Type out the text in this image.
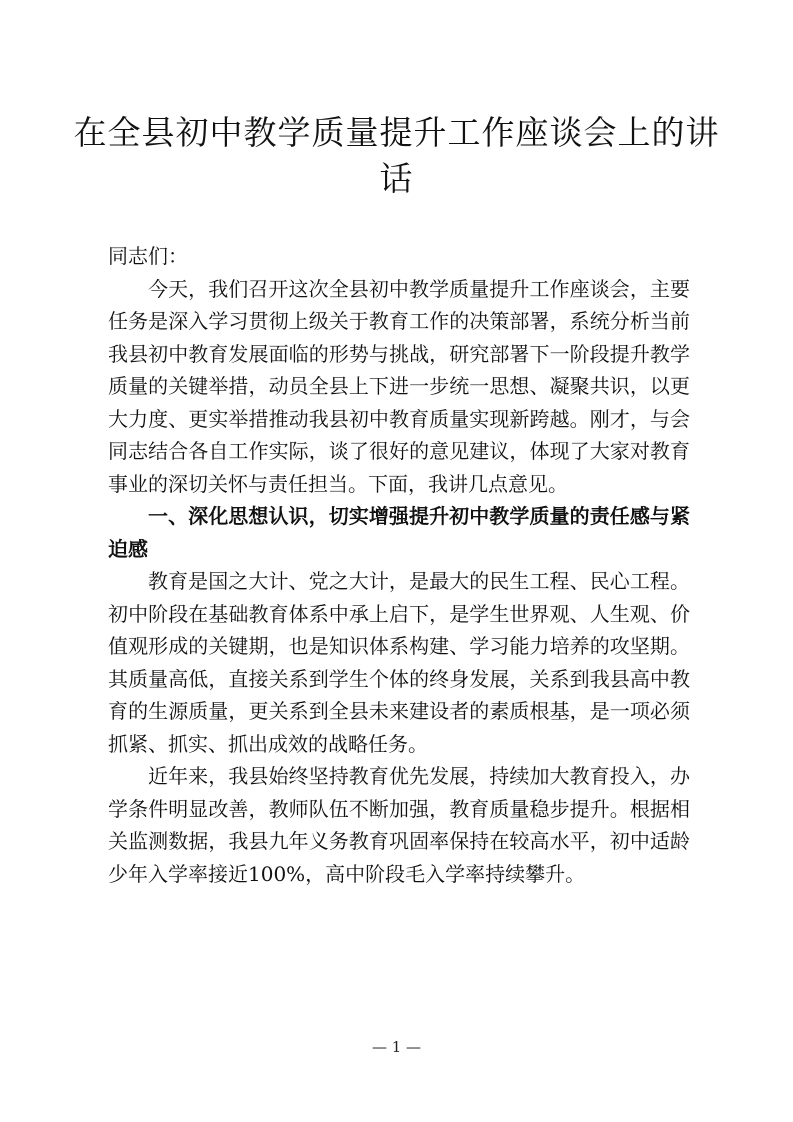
在全县初中教学质量提升工作座谈会上的讲话

同志们：

今天，我们召开这次全县初中教学质量提升工作座谈会，主要任务是深入学习贯彻上级关于教育工作的决策部署，系统分析当前我县初中教育发展面临的形势与挑战，研究部署下一阶段提升教学质量的关键举措，动员全县上下进一步统一思想、凝聚共识，以更大力度、更实举措推动我县初中教育质量实现新跨越。刚才，与会同志结合各自工作实际，谈了很好的意见建议，体现了大家对教育事业的深切关怀与责任担当。下面，我讲几点意见。

一、深化思想认识，切实增强提升初中教学质量的责任感与紧迫感

教育是国之大计、党之大计，是最大的民生工程、民心工程。初中阶段在基础教育体系中承上启下，是学生世界观、人生观、价值观形成的关键期，也是知识体系构建、学习能力培养的攻坚期。其质量高低，直接关系到学生个体的终身发展，关系到我县高中教育的生源质量，更关系到全县未来建设者的素质根基，是一项必须抓紧、抓实、抓出成效的战略任务。

近年来，我县始终坚持教育优先发展，持续加大教育投入，办学条件明显改善，教师队伍不断加强，教育质量稳步提升。根据相关监测数据，我县九年义务教育巩固率保持在较高水平，初中适龄少年入学率接近100%，高中阶段毛入学率持续攀升。

— 1 —
